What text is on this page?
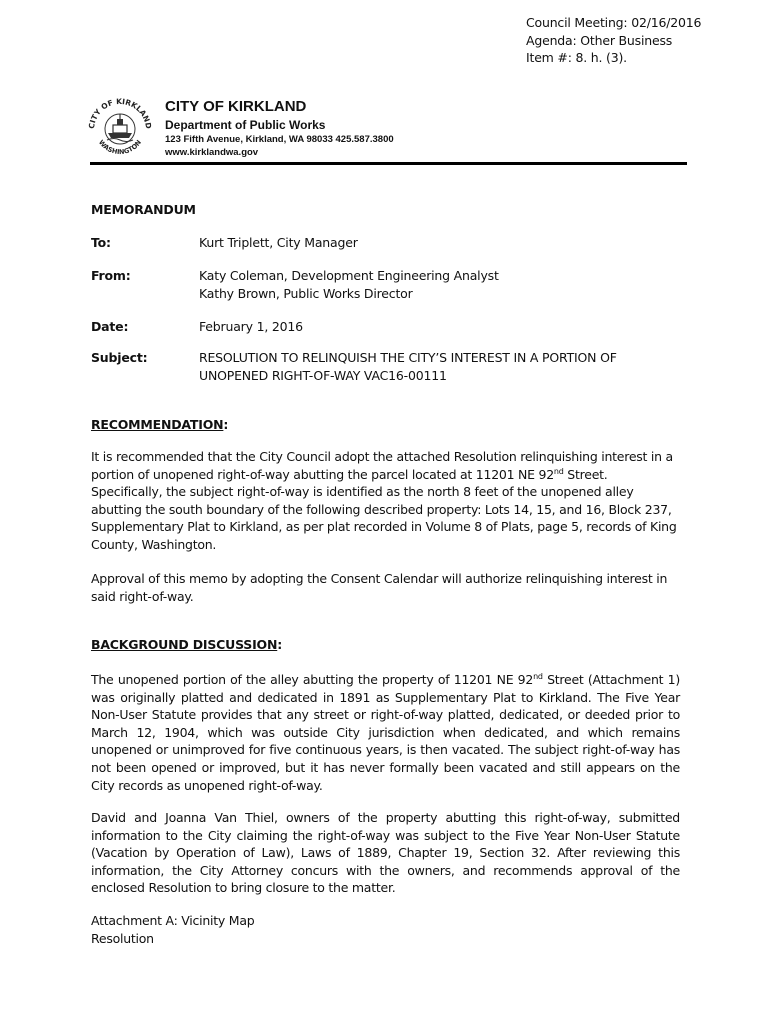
Council Meeting: 02/16/2016
Agenda: Other Business
Item #: 8. h. (3).
CITY OF KIRKLAND
WASHINGTON
CITY OF KIRKLAND
Department of Public Works
123 Fifth Avenue, Kirkland, WA 98033 425.587.3800
www.kirklandwa.gov
MEMORANDUM
To:	Kurt Triplett, City Manager
From:	Katy Coleman, Development Engineering Analyst
Kathy Brown, Public Works Director
Date:	February 1, 2016
Subject:	RESOLUTION TO RELINQUISH THE CITY’S INTEREST IN A PORTION OF
UNOPENED RIGHT-OF-WAY VAC16-00111
RECOMMENDATION:
It is recommended that the City Council adopt the attached Resolution relinquishing interest in a portion of unopened right-of-way abutting the parcel located at 11201 NE 92nd Street. Specifically, the subject right-of-way is identified as the north 8 feet of the unopened alley abutting the south boundary of the following described property: Lots 14, 15, and 16, Block 237, Supplementary Plat to Kirkland, as per plat recorded in Volume 8 of Plats, page 5, records of King County, Washington.
Approval of this memo by adopting the Consent Calendar will authorize relinquishing interest in said right-of-way.
BACKGROUND DISCUSSION:
The unopened portion of the alley abutting the property of 11201 NE 92nd Street (Attachment 1) was originally platted and dedicated in 1891 as Supplementary Plat to Kirkland. The Five Year Non-User Statute provides that any street or right-of-way platted, dedicated, or deeded prior to March 12, 1904, which was outside City jurisdiction when dedicated, and which remains unopened or unimproved for five continuous years, is then vacated. The subject right-of-way has not been opened or improved, but it has never formally been vacated and still appears on the City records as unopened right-of-way.
David and Joanna Van Thiel, owners of the property abutting this right-of-way, submitted information to the City claiming the right-of-way was subject to the Five Year Non-User Statute (Vacation by Operation of Law), Laws of 1889, Chapter 19, Section 32. After reviewing this information, the City Attorney concurs with the owners, and recommends approval of the enclosed Resolution to bring closure to the matter.
Attachment A: Vicinity Map
Resolution
